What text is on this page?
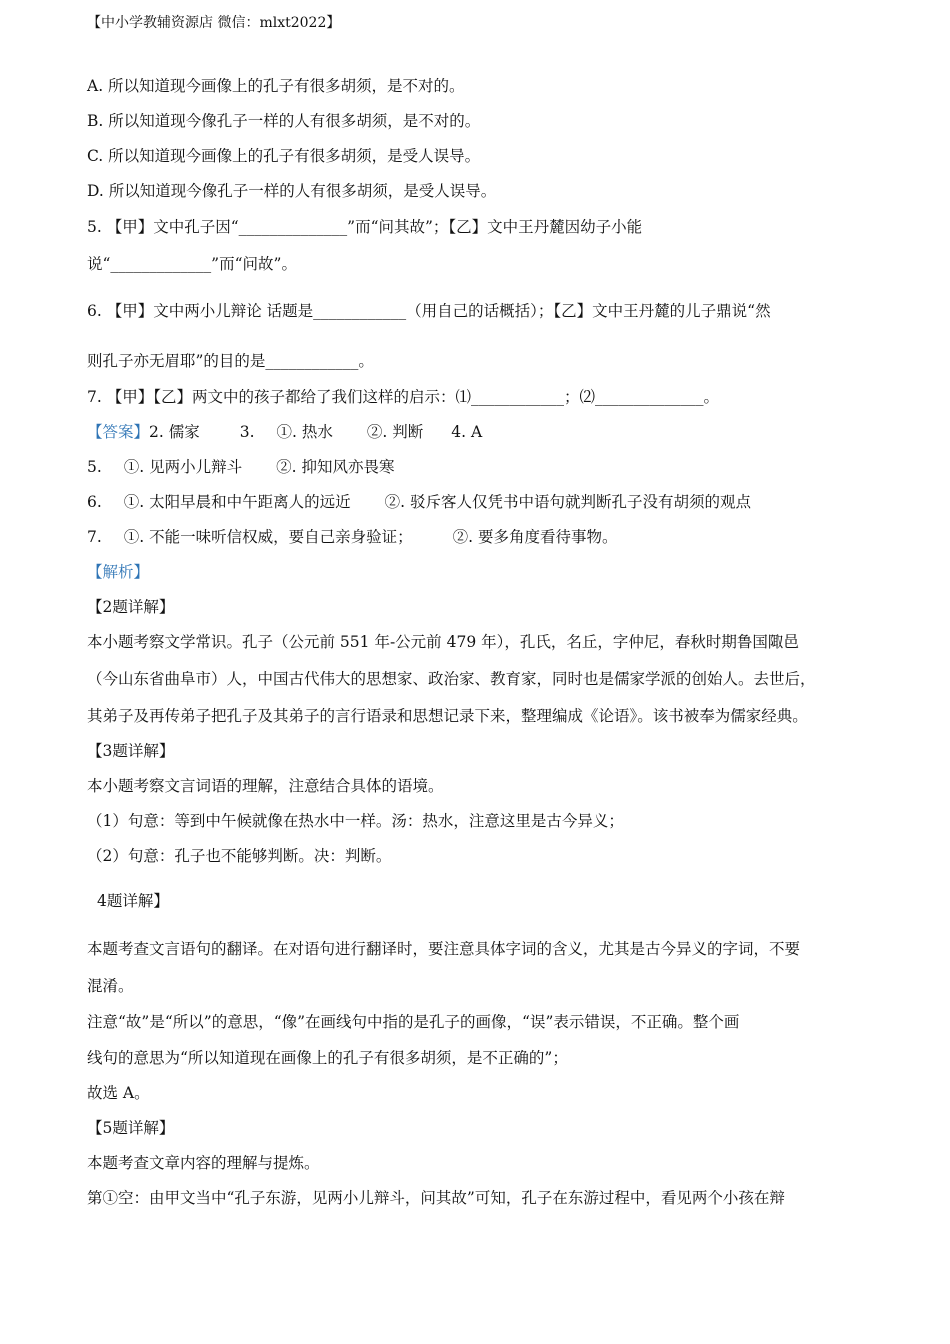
【中小学教辅资源店 微信：mlxt2022】
A. 所以知道现今画像上的孔子有很多胡须，是不对的。
B. 所以知道现今像孔子一样的人有很多胡须，是不对的。
C. 所以知道现今画像上的孔子有很多胡须，是受人误导。
D. 所以知道现今像孔子一样的人有很多胡须，是受人误导。
5. 【甲】文中孔子因“______________”而“问其故”；【乙】文中王丹麓因幼子小能
说“_____________”而“问故”。
6. 【甲】文中两小儿辩论 话题是____________（用自己的话概括）；【乙】文中王丹麓的儿子鼎说“然
则孔子亦无眉耶”的目的是____________。
7. 【甲】【乙】两文中的孩子都给了我们这样的启示：⑴____________；⑵______________。
【答案】2. 儒家	3. ①. 热水 ②. 判断 4. A
5. ①. 见两小儿辩斗 ②. 抑知风亦畏寒
6. ①. 太阳早晨和中午距离人的远近 ②. 驳斥客人仅凭书中语句就判断孔子没有胡须的观点
7. ①. 不能一味听信权威，要自己亲身验证；	②. 要多角度看待事物。
【解析】
【2题详解】
本小题考察文学常识。孔子（公元前 551 年-公元前 479 年），孔氏，名丘，字仲尼，春秋时期鲁国陬邑
（今山东省曲阜市）人，中国古代伟大的思想家、政治家、教育家，同时也是儒家学派的创始人。去世后，
其弟子及再传弟子把孔子及其弟子的言行语录和思想记录下来，整理编成《论语》。该书被奉为儒家经典。
【3题详解】
本小题考察文言词语的理解，注意结合具体的语境。
（1）句意：等到中午候就像在热水中一样。汤：热水，注意这里是古今异义；
（2）句意：孔子也不能够判断。决：判断。
4题详解】
本题考查文言语句的翻译。在对语句进行翻译时，要注意具体字词的含义，尤其是古今异义的字词，不要
混淆。
注意“故”是“所以”的意思，“像”在画线句中指的是孔子的画像，“误”表示错误，不正确。整个画
线句的意思为“所以知道现在画像上的孔子有很多胡须，是不正确的”；
故选 A。
【5题详解】
本题考查文章内容的理解与提炼。
第①空：由甲文当中“孔子东游，见两小儿辩斗，问其故”可知，孔子在东游过程中，看见两个小孩在辩
